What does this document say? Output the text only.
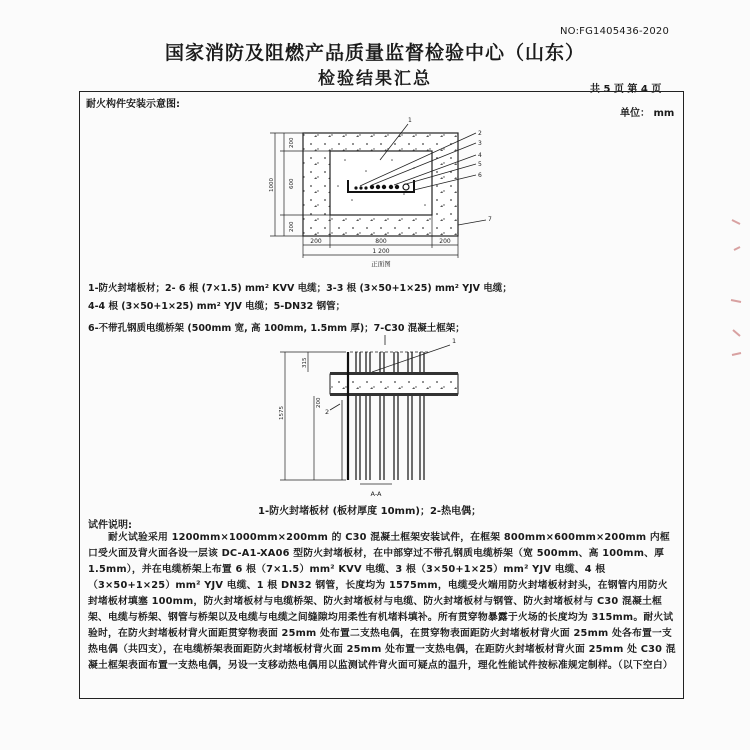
NO:FG1405436-2020
国家消防及阻燃产品质量监督检验中心（山东）
检验结果汇总
共 5 页 第 4 页
耐火构件安装示意图:
单位： mm
1
2
3
4
5
6
7
200	800	200
1 200
正面图
1000
200
600
200
1
2
1575
315
200
A-A
1-防火封堵板材；2- 6 根 (7×1.5) mm² KVV 电缆；3-3 根 (3×50+1×25) mm² YJV 电缆；
4-4 根 (3×50+1×25) mm² YJV 电缆；5-DN32 钢管；
6-不带孔钢质电缆桥架 (500mm 宽, 高 100mm, 1.5mm 厚)；7-C30 混凝土框架；
1-防火封堵板材 (板材厚度 10mm)；2-热电偶；
试件说明:
耐火试验采用 1200mm×1000mm×200mm 的 C30 混凝土框架安装试件，在框架 800mm×600mm×200mm 内框口受火面及背火面各设一层该 DC-A1-XA06 型防火封堵板材，在中部穿过不带孔钢质电缆桥架（宽 500mm、高 100mm、厚 1.5mm），并在电缆桥架上布置 6 根（7×1.5）mm² KVV 电缆、3 根（3×50+1×25）mm² YJV 电缆、4 根（3×50+1×25）mm² YJV 电缆、1 根 DN32 钢管，长度均为 1575mm，电缆受火端用防火封堵板材封头，在钢管内用防火封堵板材填塞 100mm，防火封堵板材与电缆桥架、防火封堵板材与电缆、防火封堵板材与钢管、防火封堵板材与 C30 混凝土框架、电缆与桥架、钢管与桥架以及电缆与电缆之间缝隙均用柔性有机堵料填补。所有贯穿物暴露于火场的长度均为 315mm。耐火试验时，在防火封堵板材背火面距贯穿物表面 25mm 处布置二支热电偶，在贯穿物表面距防火封堵板材背火面 25mm 处各布置一支热电偶（共四支），在电缆桥架表面距防火封堵板材背火面 25mm 处布置一支热电偶，在距防火封堵板材背火面 25mm 处 C30 混凝土框架表面布置一支热电偶，另设一支移动热电偶用以监测试件背火面可疑点的温升，理化性能试件按标准规定制样。（以下空白）
